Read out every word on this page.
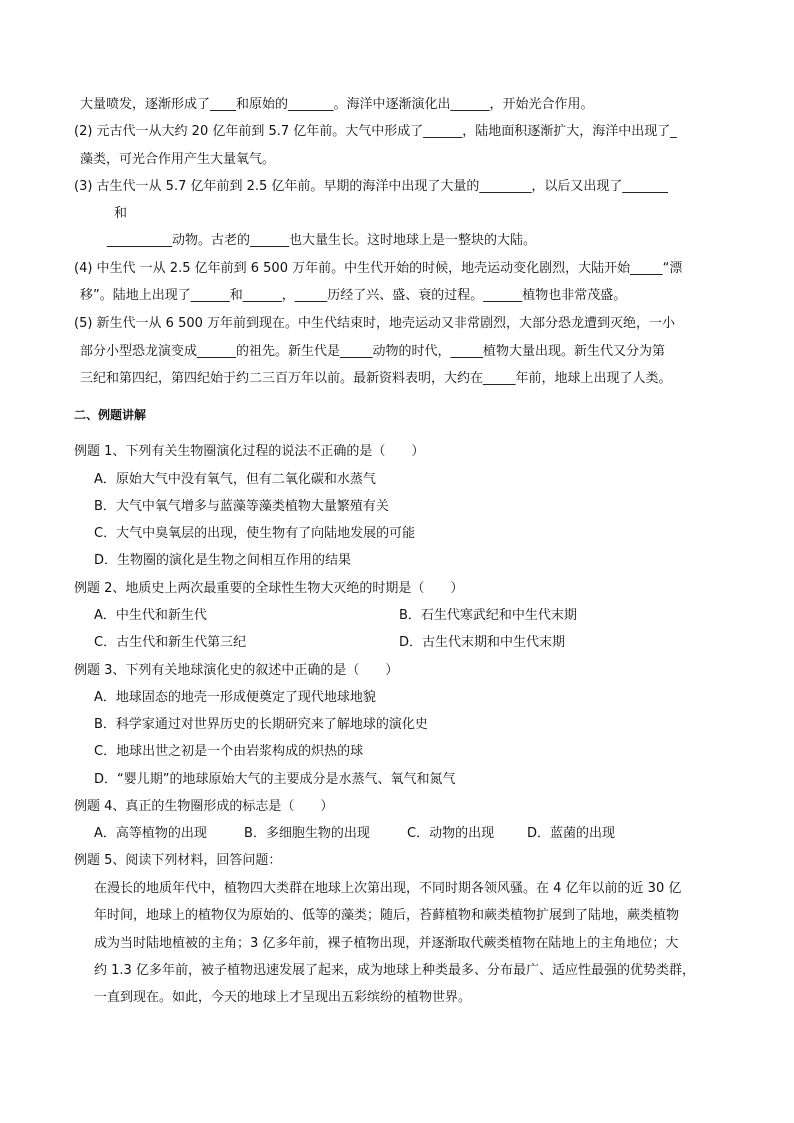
大量喷发，逐渐形成了____和原始的_______。海洋中逐渐演化出______，开始光合作用。
(2) 元古代一从大约 20 亿年前到 5.7 亿年前。大气中形成了______，陆地面积逐渐扩大，海洋中出现了_
藻类，可光合作用产生大量氧气。
(3) 古生代一从 5.7 亿年前到 2.5 亿年前。早期的海洋中出现了大量的________，以后又出现了_______
和
__________动物。古老的______也大量生长。这时地球上是一整块的大陆。
(4) 中生代 一从 2.5 亿年前到 6 500 万年前。中生代开始的时候，地壳运动变化剧烈，大陆开始_____“漂
移”。陆地上出现了______和______，_____历经了兴、盛、衰的过程。______植物也非常茂盛。
(5) 新生代一从 6 500 万年前到现在。中生代结束时，地壳运动又非常剧烈，大部分恐龙遭到灭绝，一小
部分小型恐龙演变成______的祖先。新生代是_____动物的时代，_____植物大量出现。新生代又分为第
三纪和第四纪，第四纪始于约二三百万年以前。最新资料表明，大约在_____年前，地球上出现了人类。
二、例题讲解
例题 1、下列有关生物圈演化过程的说法不正确的是（　　）
A．原始大气中没有氧气，但有二氧化碳和水蒸气
B．大气中氧气增多与蓝藻等藻类植物大量繁殖有关
C．大气中臭氧层的出现，使生物有了向陆地发展的可能
D．生物圈的演化是生物之间相互作用的结果
例题 2、地质史上两次最重要的全球性生物大灭绝的时期是（　　）
A．中生代和新生代	B．石生代寒武纪和中生代末期
C．古生代和新生代第三纪	D．古生代末期和中生代末期
例题 3、下列有关地球演化史的叙述中正确的是（　　）
A．地球固态的地壳一形成便奠定了现代地球地貌
B．科学家通过对世界历史的长期研究来了解地球的演化史
C．地球出世之初是一个由岩浆构成的炽热的球
D．“婴儿期”的地球原始大气的主要成分是水蒸气、氧气和氮气
例题 4、真正的生物圈形成的标志是（　　）
A．高等植物的出现	B．多细胞生物的出现	C．动物的出现	D．蓝菌的出现
例题 5、阅读下列材料，回答问题：
在漫长的地质年代中，植物四大类群在地球上次第出现，不同时期各领风骚。在 4 亿年以前的近 30 亿
年时间，地球上的植物仅为原始的、低等的藻类；随后，苔藓植物和蕨类植物扩展到了陆地，蕨类植物
成为当时陆地植被的主角；3 亿多年前，裸子植物出现，并逐渐取代蕨类植物在陆地上的主角地位；大
约 1.3 亿多年前，被子植物迅速发展了起来，成为地球上种类最多、分布最广、适应性最强的优势类群，
一直到现在。如此，今天的地球上才呈现出五彩缤纷的植物世界。
